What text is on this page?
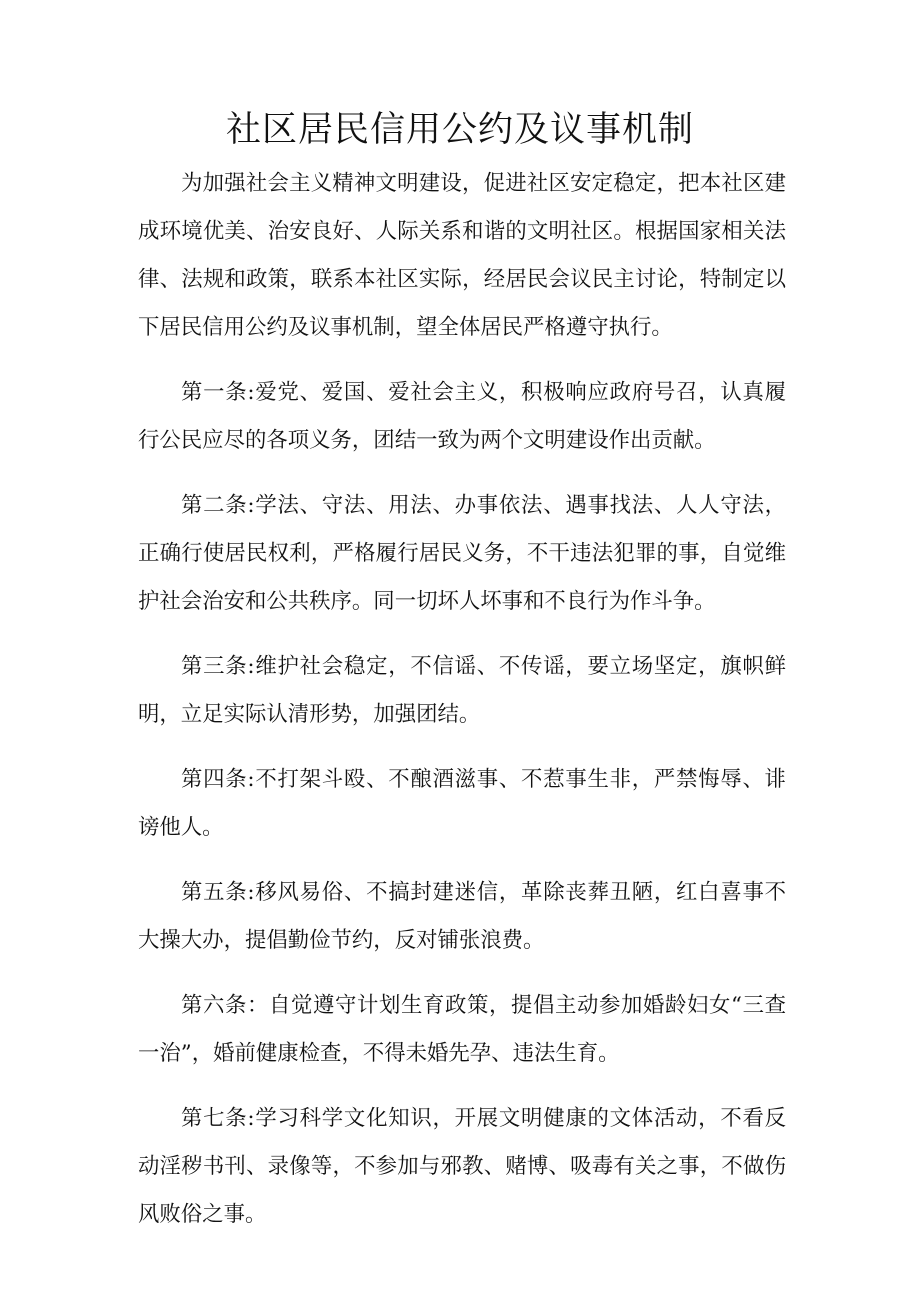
社区居民信用公约及议事机制

为加强社会主义精神文明建设，促进社区安定稳定，把本社区建成环境优美、治安良好、人际关系和谐的文明社区。根据国家相关法律、法规和政策，联系本社区实际，经居民会议民主讨论，特制定以下居民信用公约及议事机制，望全体居民严格遵守执行。

第一条:爱党、爱国、爱社会主义，积极响应政府号召，认真履行公民应尽的各项义务，团结一致为两个文明建设作出贡献。

第二条:学法、守法、用法、办事依法、遇事找法、人人守法，正确行使居民权利，严格履行居民义务，不干违法犯罪的事，自觉维护社会治安和公共秩序。同一切坏人坏事和不良行为作斗争。

第三条:维护社会稳定，不信谣、不传谣，要立场坚定，旗帜鲜明，立足实际认清形势，加强团结。

第四条:不打架斗殴、不酿酒滋事、不惹事生非，严禁悔辱、诽谤他人。

第五条:移风易俗、不搞封建迷信，革除丧葬丑陋，红白喜事不大操大办，提倡勤俭节约，反对铺张浪费。

第六条：自觉遵守计划生育政策，提倡主动参加婚龄妇女“三查一治”，婚前健康检查，不得未婚先孕、违法生育。

第七条:学习科学文化知识，开展文明健康的文体活动，不看反动淫秽书刊、录像等，不参加与邪教、赌博、吸毒有关之事，不做伤风败俗之事。
